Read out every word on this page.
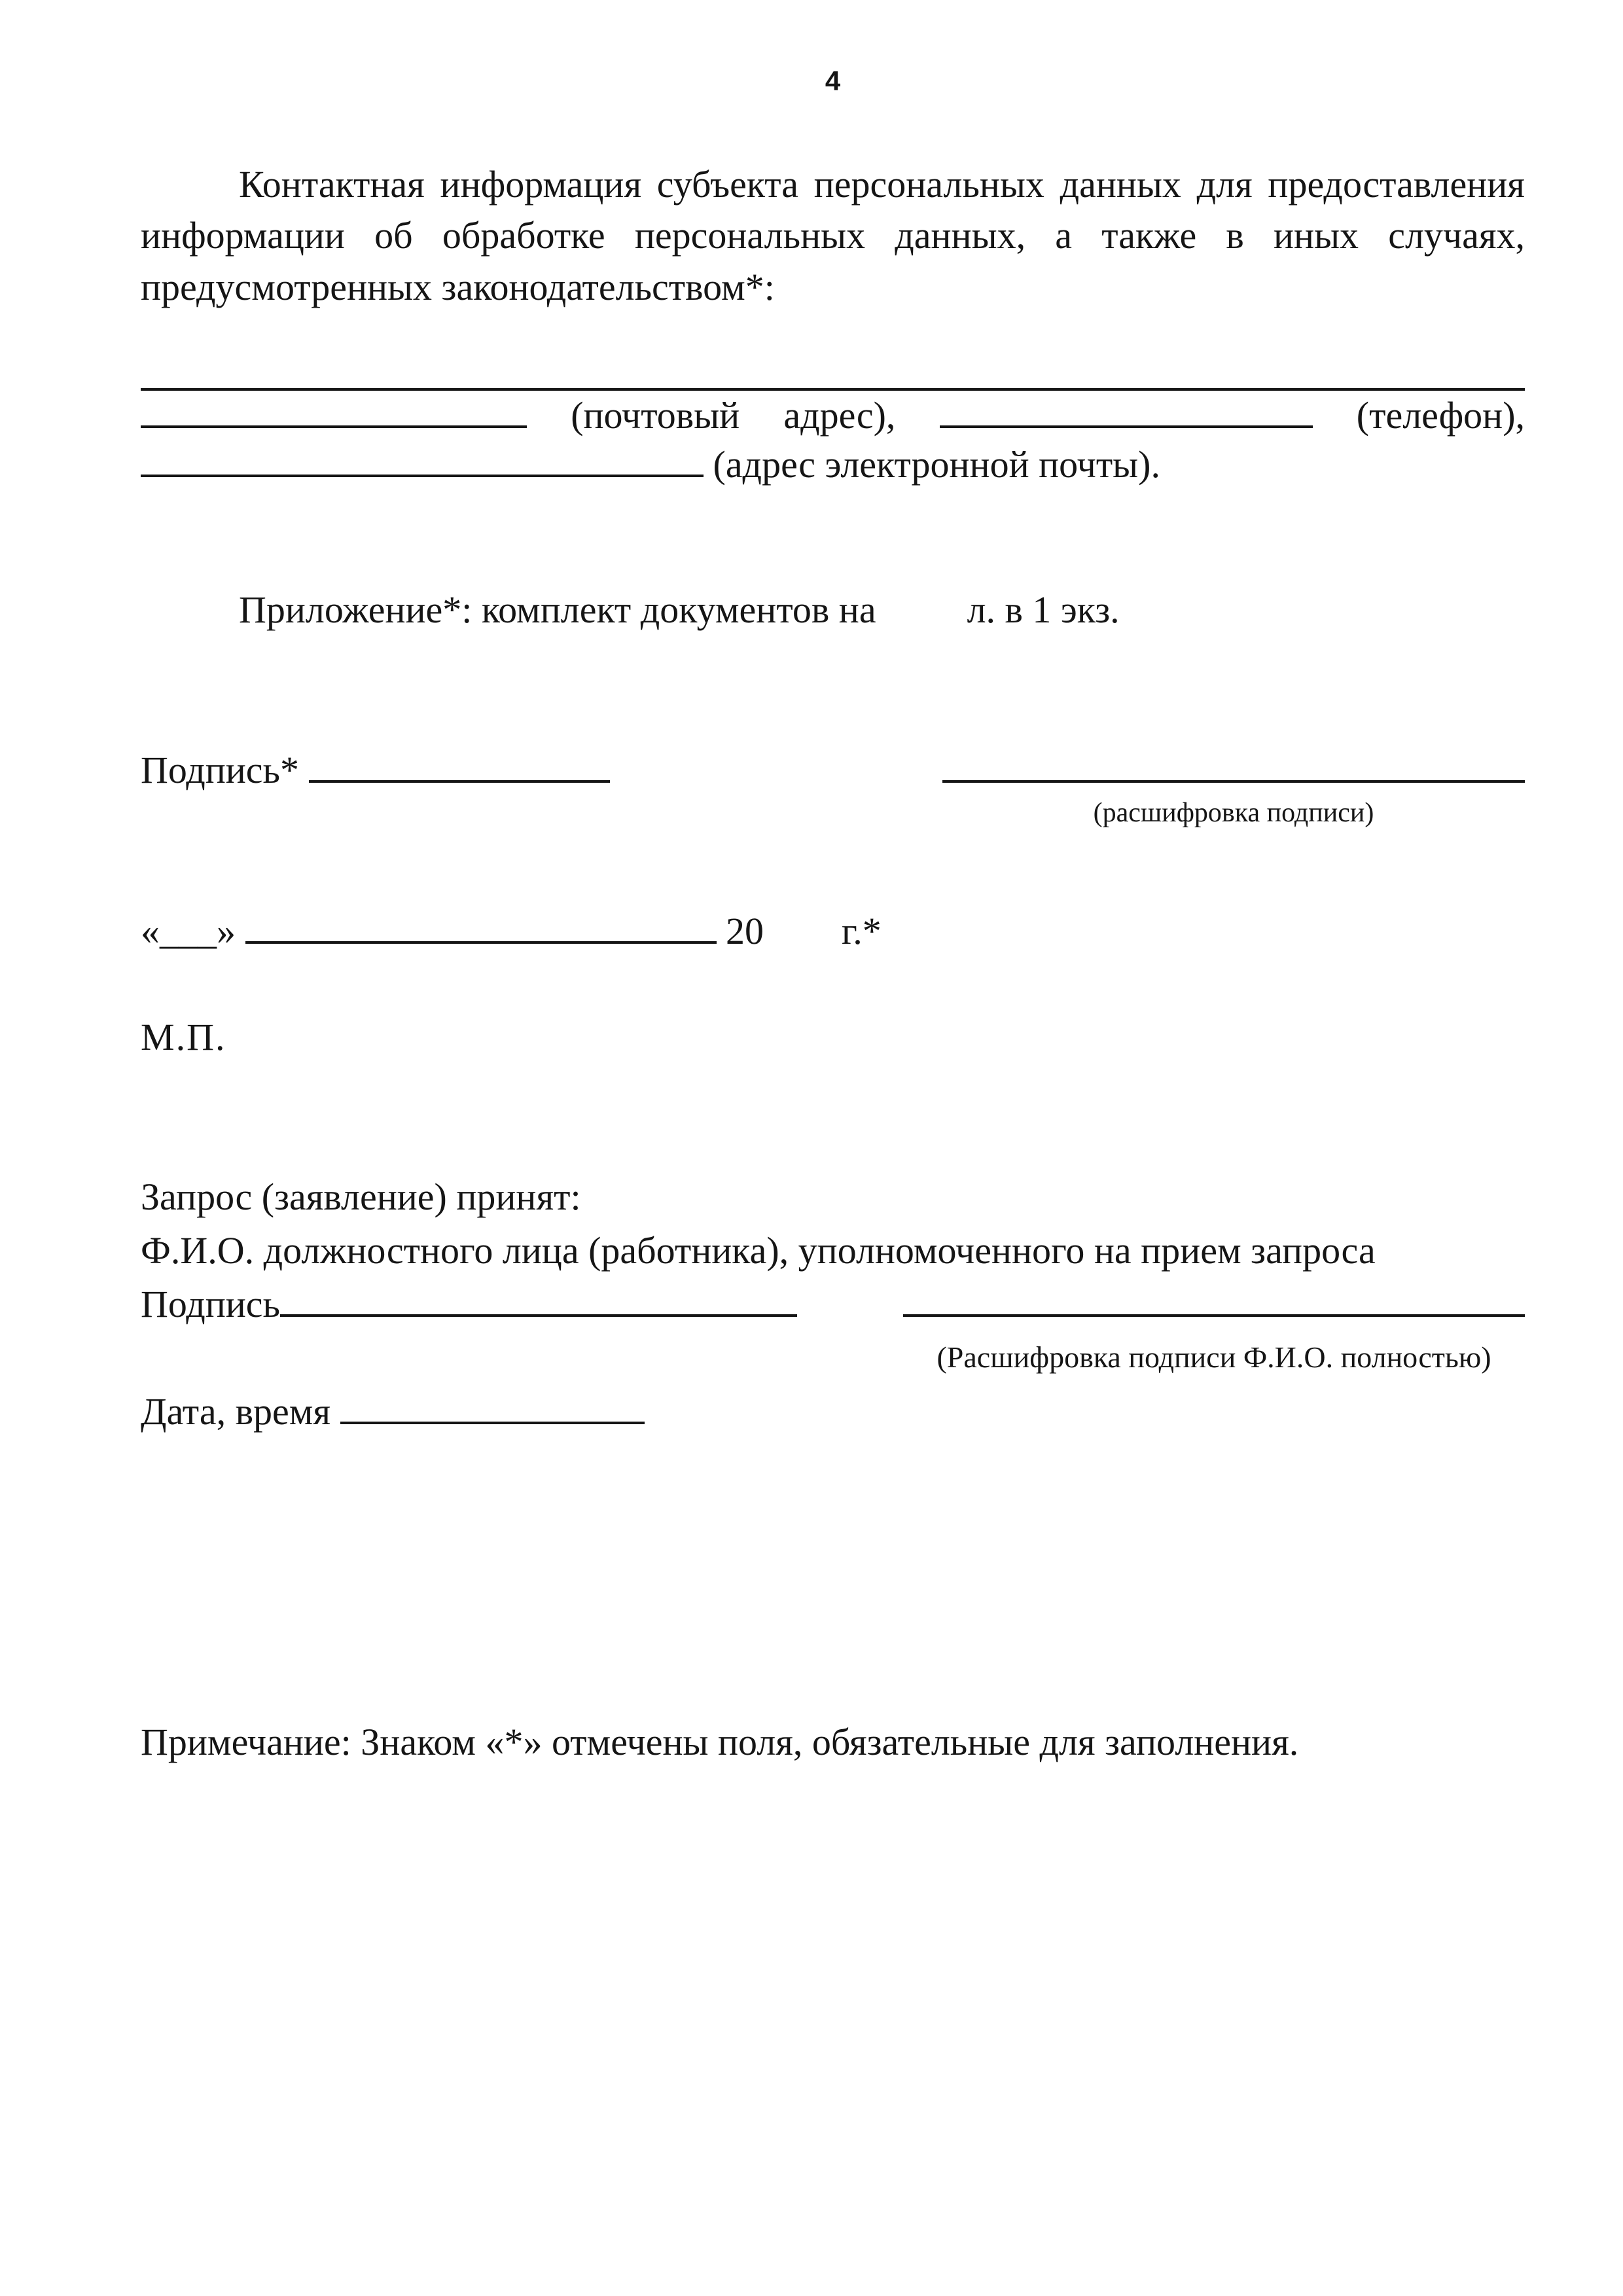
4
Контактная информация субъекта персональных данных для предоставления информации об обработке персональных данных, а также в иных случаях, предусмотренных законодательством*:
(почтовый адрес),	(телефон),
(адрес электронной почты).
Приложение*: комплект документов на л. в 1 экз.
Подпись*
(расшифровка подписи)
«___»	20 г.*
М.П.
Запрос (заявление) принят:
Ф.И.О. должностного лица (работника), уполномоченного на прием запроса
Подпись
(Расшифровка подписи Ф.И.О. полностью)
Дата, время
Примечание: Знаком «*» отмечены поля, обязательные для заполнения.
